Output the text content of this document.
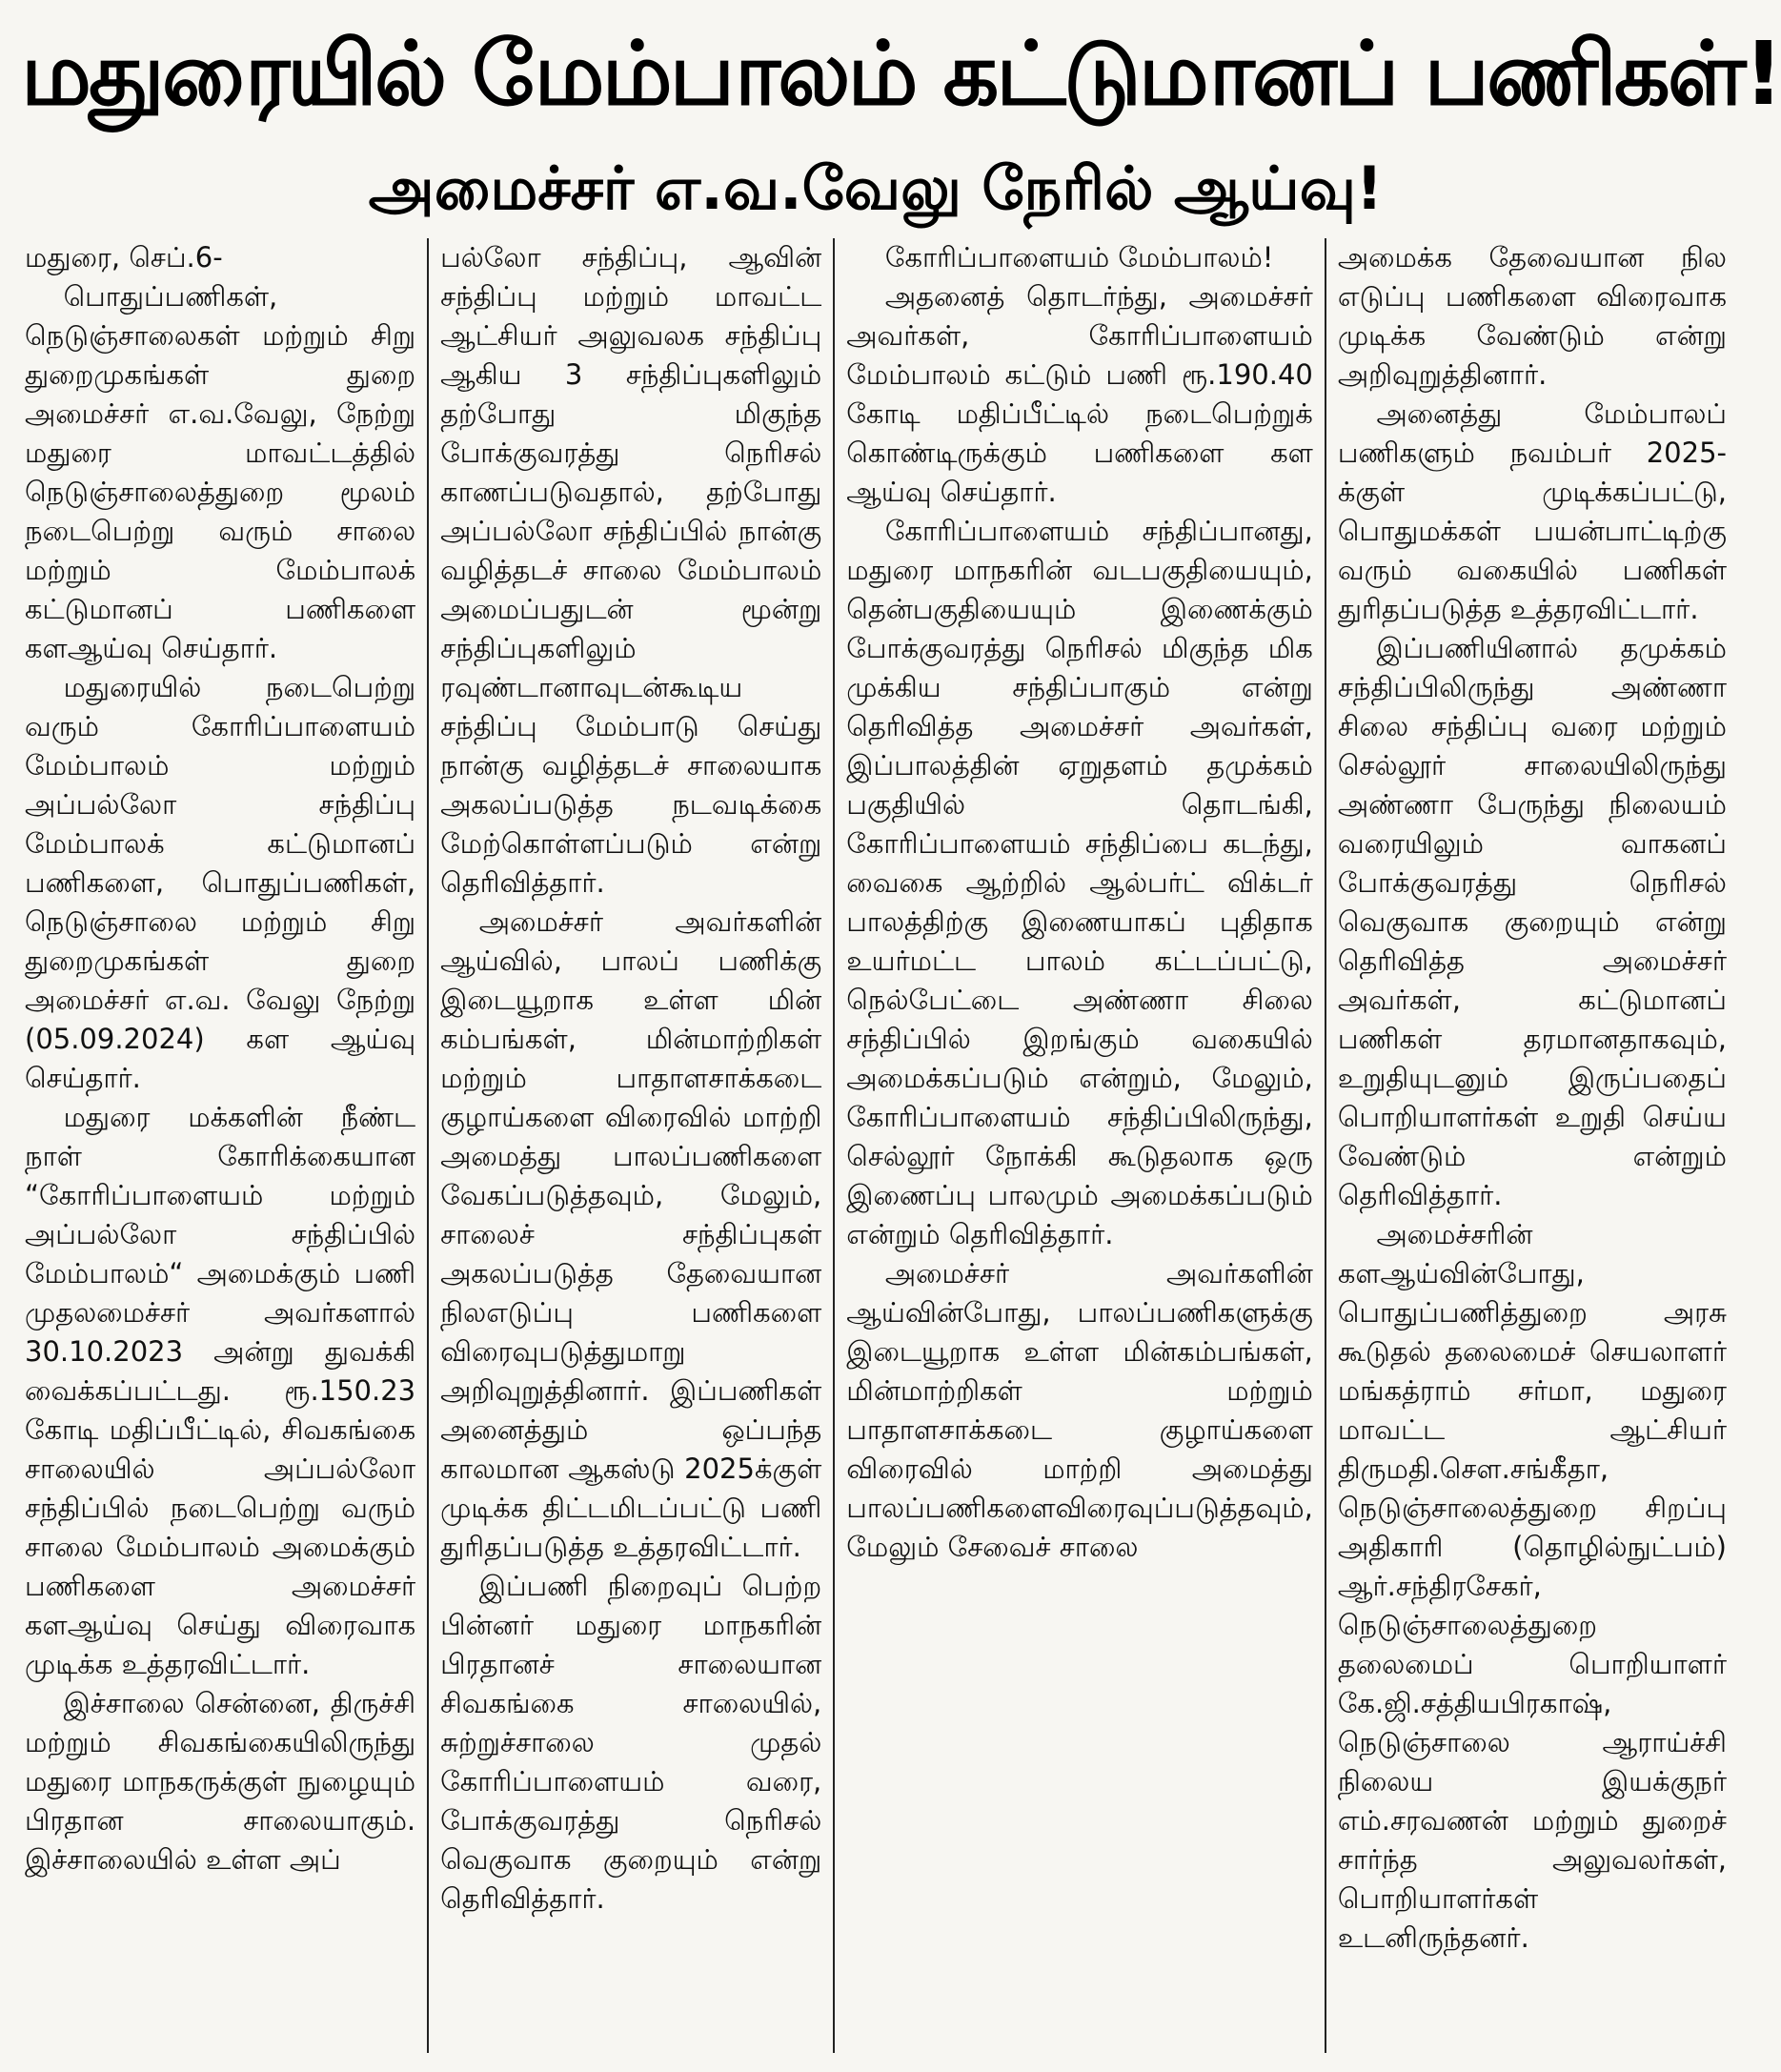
மதுரையில் மேம்பாலம் கட்டுமானப் பணிகள்!
அமைச்சர் எ.வ.வேலு நேரில் ஆய்வு!

மதுரை, செப்.6-

பொதுப்பணிகள், நெடுஞ்சாலைகள் மற்றும் சிறு துறைமுகங்கள் துறை அமைச்சர் எ.வ.வேலு, நேற்று மதுரை மாவட்டத்தில் நெடுஞ்சாலைத்துறை மூலம் நடைபெற்று வரும் சாலை மற்றும் மேம்பாலக் கட்டுமானப் பணிகளை களஆய்வு செய்தார்.

மதுரையில் நடைபெற்று வரும் கோரிப்பாளையம் மேம்பாலம் மற்றும் அப்பல்லோ சந்திப்பு மேம்பாலக் கட்டுமானப் பணிகளை, பொதுப்பணிகள், நெடுஞ்சாலை மற்றும் சிறு துறைமுகங்கள் துறை அமைச்சர் எ.வ. வேலு நேற்று (05.09.2024) கள ஆய்வு செய்தார்.

மதுரை மக்களின் நீண்ட நாள் கோரிக்கையான “கோரிப்பாளையம் மற்றும் அப்பல்லோ சந்திப்பில் மேம்பாலம்“ அமைக்கும் பணி முதலமைச்சர் அவர்களால் 30.10.2023 அன்று துவக்கி வைக்கப்பட்டது. ரூ.150.23 கோடி மதிப்பீட்டில், சிவகங்கை சாலையில் அப்பல்லோ சந்திப்பில் நடைபெற்று வரும் சாலை மேம்பாலம் அமைக்கும் பணிகளை அமைச்சர் களஆய்வு செய்து விரைவாக முடிக்க உத்தரவிட்டார்.

இச்சாலை சென்னை, திருச்சி மற்றும் சிவகங்கையிலிருந்து மதுரை மாநகருக்குள் நுழையும் பிரதான சாலையாகும். இச்சாலையில் உள்ள அப்

பல்லோ சந்திப்பு, ஆவின் சந்திப்பு மற்றும் மாவட்ட ஆட்சியர் அலுவலக சந்திப்பு ஆகிய 3 சந்திப்புகளிலும் தற்போது மிகுந்த போக்குவரத்து நெரிசல் காணப்படுவதால், தற்போது அப்பல்லோ சந்திப்பில் நான்கு வழித்தடச் சாலை மேம்பாலம் அமைப்பதுடன் மூன்று சந்திப்புகளிலும் ரவுண்டானாவுடன்கூடிய சந்திப்பு மேம்பாடு செய்து நான்கு வழித்தடச் சாலையாக அகலப்படுத்த நடவடிக்கை மேற்கொள்ளப்படும் என்று தெரிவித்தார்.

அமைச்சர் அவர்களின் ஆய்வில், பாலப் பணிக்கு இடையூறாக உள்ள மின் கம்பங்கள், மின்மாற்றிகள் மற்றும் பாதாளசாக்கடை குழாய்களை விரைவில் மாற்றி அமைத்து பாலப்பணிகளை வேகப்படுத்தவும், மேலும், சாலைச் சந்திப்புகள் அகலப்படுத்த தேவையான நிலஎடுப்பு பணிகளை விரைவுபடுத்துமாறு அறிவுறுத்தினார். இப்பணிகள் அனைத்தும் ஒப்பந்த காலமான ஆகஸ்டு 2025க்குள் முடிக்க திட்டமிடப்பட்டு பணி துரிதப்படுத்த உத்தரவிட்டார்.

இப்பணி நிறைவுப் பெற்ற பின்னர் மதுரை மாநகரின் பிரதானச் சாலையான சிவகங்கை சாலையில், சுற்றுச்சாலை முதல் கோரிப்பாளையம் வரை, போக்குவரத்து நெரிசல் வெகுவாக குறையும் என்று தெரிவித்தார்.

கோரிப்பாளையம் மேம்பாலம்!

அதனைத் தொடர்ந்து, அமைச்சர் அவர்கள், கோரிப்பாளையம் மேம்பாலம் கட்டும் பணி ரூ.190.40 கோடி மதிப்பீட்டில் நடைபெற்றுக் கொண்டிருக்கும் பணிகளை கள ஆய்வு செய்தார்.

கோரிப்பாளையம் சந்திப்பானது, மதுரை மாநகரின் வடபகுதியையும், தென்பகுதியையும் இணைக்கும் போக்குவரத்து நெரிசல் மிகுந்த மிக முக்கிய சந்திப்பாகும் என்று தெரிவித்த அமைச்சர் அவர்கள், இப்பாலத்தின் ஏறுதளம் தமுக்கம் பகுதியில் தொடங்கி, கோரிப்பாளையம் சந்திப்பை கடந்து, வைகை ஆற்றில் ஆல்பர்ட் விக்டர் பாலத்திற்கு இணையாகப் புதிதாக உயர்மட்ட பாலம் கட்டப்பட்டு, நெல்பேட்டை அண்ணா சிலை சந்திப்பில் இறங்கும் வகையில் அமைக்கப்படும் என்றும், மேலும், கோரிப்பாளையம் சந்திப்பிலிருந்து, செல்லூர் நோக்கி கூடுதலாக ஒரு இணைப்பு பாலமும் அமைக்கப்படும் என்றும் தெரிவித்தார்.

அமைச்சர் அவர்களின் ஆய்வின்போது, பாலப்பணிகளுக்கு இடையூறாக உள்ள மின்கம்பங்கள், மின்மாற்றிகள் மற்றும் பாதாளசாக்கடை குழாய்களை விரைவில் மாற்றி அமைத்து பாலப்பணிகளைவிரைவுப்படுத்தவும், மேலும் சேவைச் சாலை

அமைக்க தேவையான நில எடுப்பு பணிகளை விரைவாக முடிக்க வேண்டும் என்று அறிவுறுத்தினார்.

அனைத்து மேம்பாலப் பணிகளும் நவம்பர் 2025-க்குள் முடிக்கப்பட்டு, பொதுமக்கள் பயன்பாட்டிற்கு வரும் வகையில் பணிகள் துரிதப்படுத்த உத்தரவிட்டார்.

இப்பணியினால் தமுக்கம் சந்திப்பிலிருந்து அண்ணா சிலை சந்திப்பு வரை மற்றும் செல்லூர் சாலையிலிருந்து அண்ணா பேருந்து நிலையம் வரையிலும் வாகனப் போக்குவரத்து நெரிசல் வெகுவாக குறையும் என்று தெரிவித்த அமைச்சர் அவர்கள், கட்டுமானப் பணிகள் தரமானதாகவும், உறுதியுடனும் இருப்பதைப் பொறியாளர்கள் உறுதி செய்ய வேண்டும் என்றும் தெரிவித்தார்.

அமைச்சரின் களஆய்வின்போது, பொதுப்பணித்துறை அரசு கூடுதல் தலைமைச் செயலாளர் மங்கத்ராம் சர்மா, மதுரை மாவட்ட ஆட்சியர் திருமதி.சௌ.சங்கீதா, நெடுஞ்சாலைத்துறை சிறப்பு அதிகாரி (தொழில்நுட்பம்) ஆர்.சந்திரசேகர், நெடுஞ்சாலைத்துறை தலைமைப் பொறியாளர் கே.ஜி.சத்தியபிரகாஷ், நெடுஞ்சாலை ஆராய்ச்சி நிலைய இயக்குநர் எம்.சரவணன் மற்றும் துறைச் சார்ந்த அலுவலர்கள், பொறியாளர்கள் உடனிருந்தனர்.
